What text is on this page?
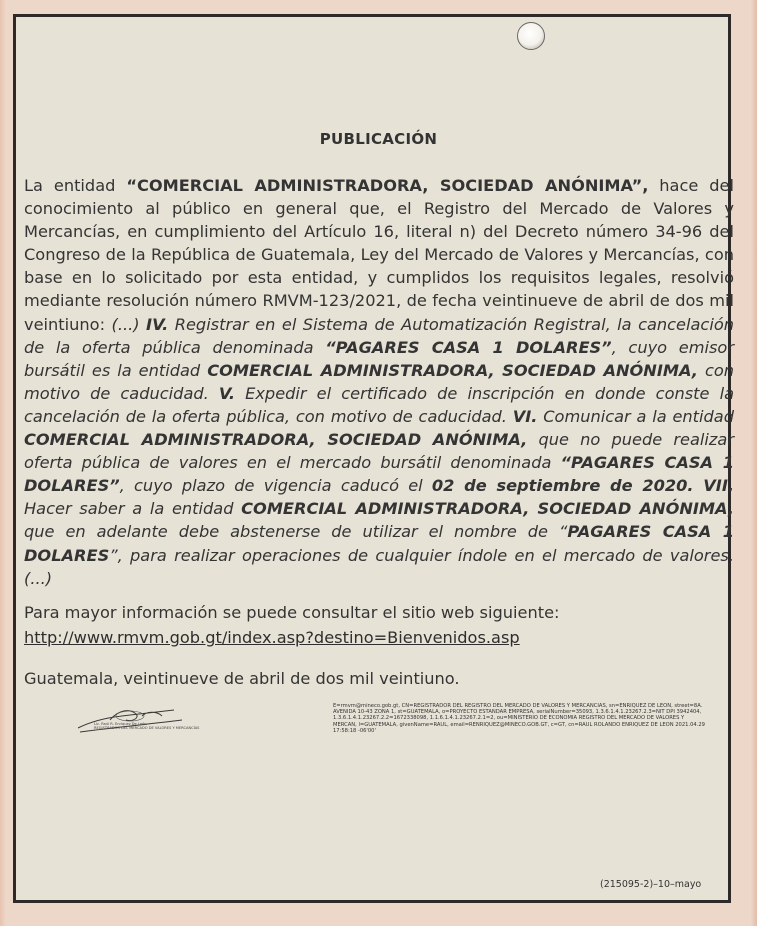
PUBLICACIÓN

La entidad “COMERCIAL ADMINISTRADORA, SOCIEDAD ANÓNIMA”, hace del conocimiento al público en general que, el Registro del Mercado de Valores y Mercancías, en cumplimiento del Artículo 16, literal n) del Decreto número 34-96 del Congreso de la República de Guatemala, Ley del Mercado de Valores y Mercancías, con base en lo solicitado por esta entidad, y cumplidos los requisitos legales, resolvió mediante resolución número RMVM-123/2021, de fecha veintinueve de abril de dos mil veintiuno: (...) IV. Registrar en el Sistema de Automatización Registral, la cancelación de la oferta pública denominada “PAGARES CASA 1 DOLARES”, cuyo emisor bursátil es la entidad COMERCIAL ADMINISTRADORA, SOCIEDAD ANÓNIMA, con motivo de caducidad. V. Expedir el certificado de inscripción en donde conste la cancelación de la oferta pública, con motivo de caducidad. VI. Comunicar a la entidad COMERCIAL ADMINISTRADORA, SOCIEDAD ANÓNIMA, que no puede realizar oferta pública de valores en el mercado bursátil denominada “PAGARES CASA 1 DOLARES”, cuyo plazo de vigencia caducó el 02 de septiembre de 2020. VII. Hacer saber a la entidad COMERCIAL ADMINISTRADORA, SOCIEDAD ANÓNIMA, que en adelante debe abstenerse de utilizar el nombre de “PAGARES CASA 1 DOLARES”, para realizar operaciones de cualquier índole en el mercado de valores. (...)

Para mayor información se puede consultar el sitio web siguiente:

http://www.rmvm.gob.gt/index.asp?destino=Bienvenidos.asp
Guatemala, veintinueve de abril de dos mil veintiuno.
Lic. Raúl R. Enríquez De León
REGISTRADOR DEL MERCADO DE VALORES Y MERCANCÍAS

E=rmvm@mineco.gob.gt, CN=REGISTRADOR DEL REGISTRO DEL MERCADO DE VALORES Y MERCANCIAS, sn=ENRIQUEZ DE LEON, street=8A. AVENIDA 10-43 ZONA 1, st=GUATEMALA, o=PROYECTO ESTANDAR EMPRESA, serialNumber=35093, 1.3.6.1.4.1.23267.2.3=NIT DPI 3942404, 1.3.6.1.4.1.23267.2.2=1672338098, 1.1.6.1.4.1.23267.2.1=2, ou=MINISTERIO DE ECONOMIA REGISTRO DEL MERCADO DE VALORES Y MERCAN, l=GUATEMALA, givenName=RAUL, email=RENRIQUEZ@MINECO.GOB.GT, c=GT, cn=RAUL ROLANDO ENRIQUEZ DE LEON 2021.04.29 17:58:18 -06'00'

(215095-2)–10–mayo
